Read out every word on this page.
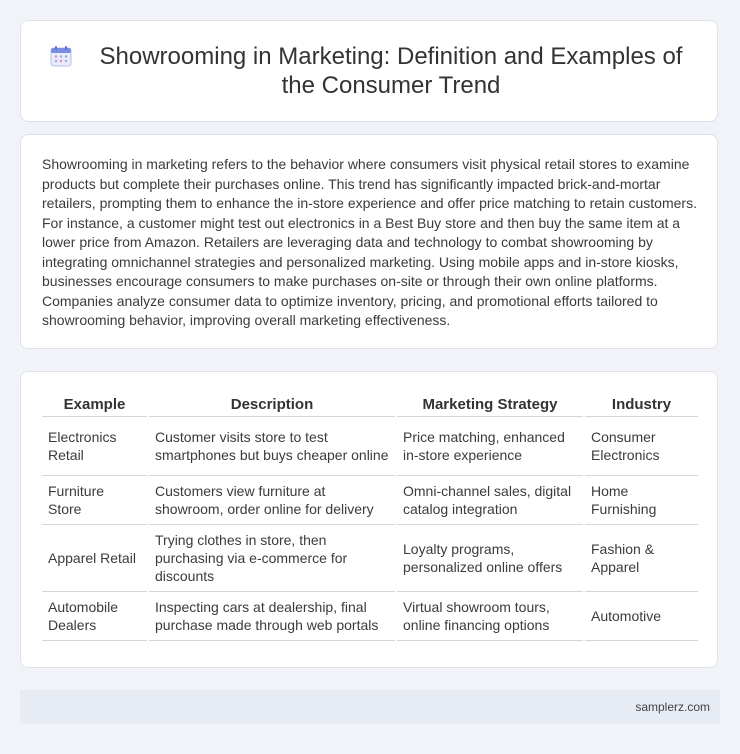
Showrooming in Marketing: Definition and Examples of the Consumer Trend

Showrooming in marketing refers to the behavior where consumers visit physical retail stores to examine products but complete their purchases online. This trend has significantly impacted brick-and-mortar retailers, prompting them to enhance the in-store experience and offer price matching to retain customers. For instance, a customer might test out electronics in a Best Buy store and then buy the same item at a lower price from Amazon. Retailers are leveraging data and technology to combat showrooming by integrating omnichannel strategies and personalized marketing. Using mobile apps and in-store kiosks, businesses encourage consumers to make purchases on-site or through their own online platforms. Companies analyze consumer data to optimize inventory, pricing, and promotional efforts tailored to showrooming behavior, improving overall marketing effectiveness.

Example	Description	Marketing Strategy	Industry
Electronics Retail	Customer visits store to test smartphones but buys cheaper online	Price matching, enhanced in-store experience	Consumer Electronics
Furniture Store	Customers view furniture at showroom, order online for delivery	Omni-channel sales, digital catalog integration	Home Furnishing
Apparel Retail	Trying clothes in store, then purchasing via e-commerce for discounts	Loyalty programs, personalized online offers	Fashion & Apparel
Automobile Dealers	Inspecting cars at dealership, final purchase made through web portals	Virtual showroom tours, online financing options	Automotive
samplerz.com
